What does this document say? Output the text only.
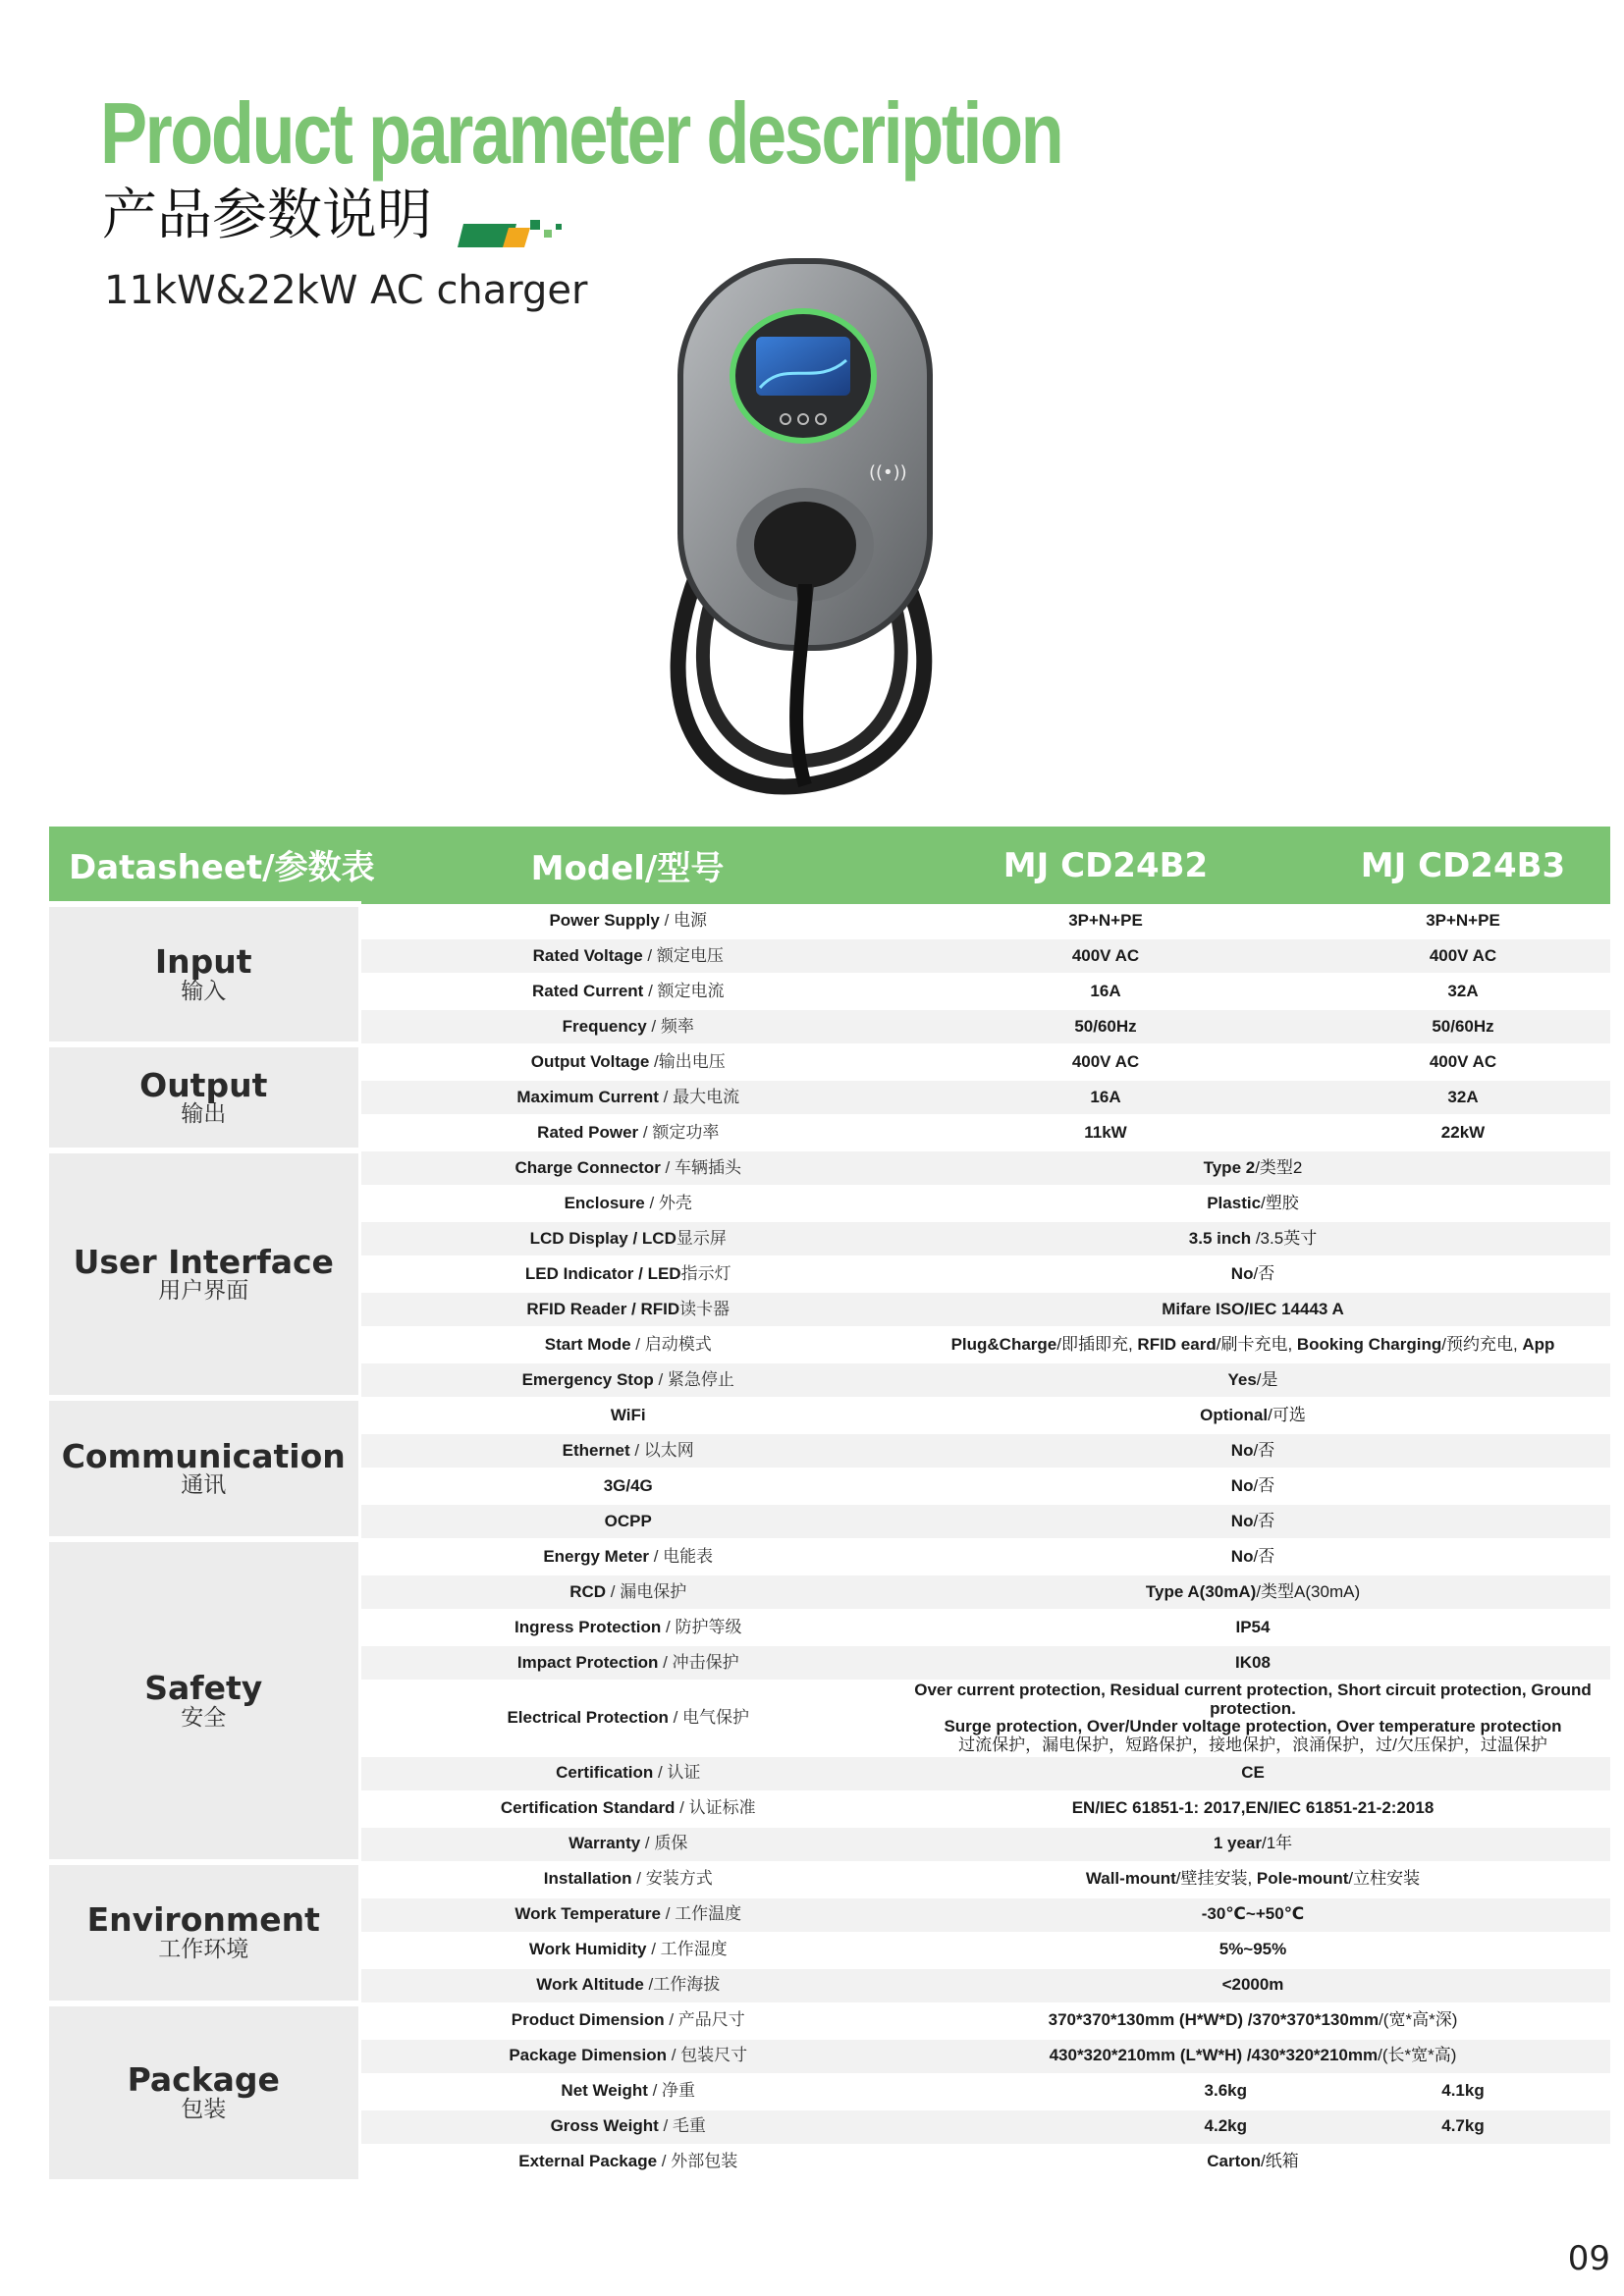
Product parameter description
产品参数说明
11kW&22kW AC charger
((•))
Datasheet/参数表	Model/型号	MJ CD24B2	MJ CD24B3

Input
输入	Power Supply / 电源	3P+N+PE	3P+N+PE
	Rated Voltage / 额定电压	400V AC	400V AC
	Rated Current / 额定电流	16A	32A
	Frequency / 频率	50/60Hz	50/60Hz

Output
输出	Output Voltage /输出电压	400V AC	400V AC
	Maximum Current / 最大电流	16A	32A
	Rated Power / 额定功率	11kW	22kW

User Interface
用户界面	Charge Connector / 车辆插头	Type 2/类型2	
	Enclosure / 外壳	Plastic/塑胶	
	LCD Display / LCD显示屏	3.5 inch /3.5英寸	
	LED Indicator / LED指示灯	No/否	
	RFID Reader / RFID读卡器	Mifare ISO/IEC 14443 A	
	Start Mode / 启动模式	Plug&Charge/即插即充, RFID eard/刷卡充电, Booking Charging/预约充电, App	
	Emergency Stop / 紧急停止	Yes/是	

Communication
通讯	WiFi	Optional/可选	
	Ethernet / 以太网	No/否	
	3G/4G	No/否	
	OCPP	No/否	

Safety
安全	Energy Meter / 电能表	No/否	
	RCD / 漏电保护	Type A(30mA)/类型A(30mA)	
	Ingress Protection / 防护等级	IP54	
	Impact Protection / 冲击保护	IK08	
	Electrical Protection / 电气保护	Over current protection, Residual current protection, Short circuit protection, Ground protection.
Surge protection, Over/Under voltage protection, Over temperature protection
过流保护，漏电保护，短路保护，接地保护，浪涌保护，过/欠压保护，过温保护	

	Certification / 认证	CE	
	Certification Standard / 认证标准	EN/IEC 61851-1: 2017,EN/IEC 61851-21-2:2018	
	Warranty / 质保	1 year/1年	

Environment
工作环境	Installation / 安装方式	Wall-mount/壁挂安装, Pole-mount/立柱安装	
	Work Temperature / 工作温度	-30℃~+50℃	
	Work Humidity / 工作湿度	5%~95%	
	Work Altitude /工作海拔	<2000m	

Package
包装	Product Dimension / 产品尺寸	370*370*130mm (H*W*D) /370*370*130mm/(宽*高*深)	
	Package Dimension / 包装尺寸	430*320*210mm (L*W*H) /430*320*210mm/(长*宽*高)	
	Net Weight / 净重	3.6kg	4.1kg
	Gross Weight / 毛重	4.2kg	4.7kg
	External Package / 外部包装	Carton/纸箱	
09
